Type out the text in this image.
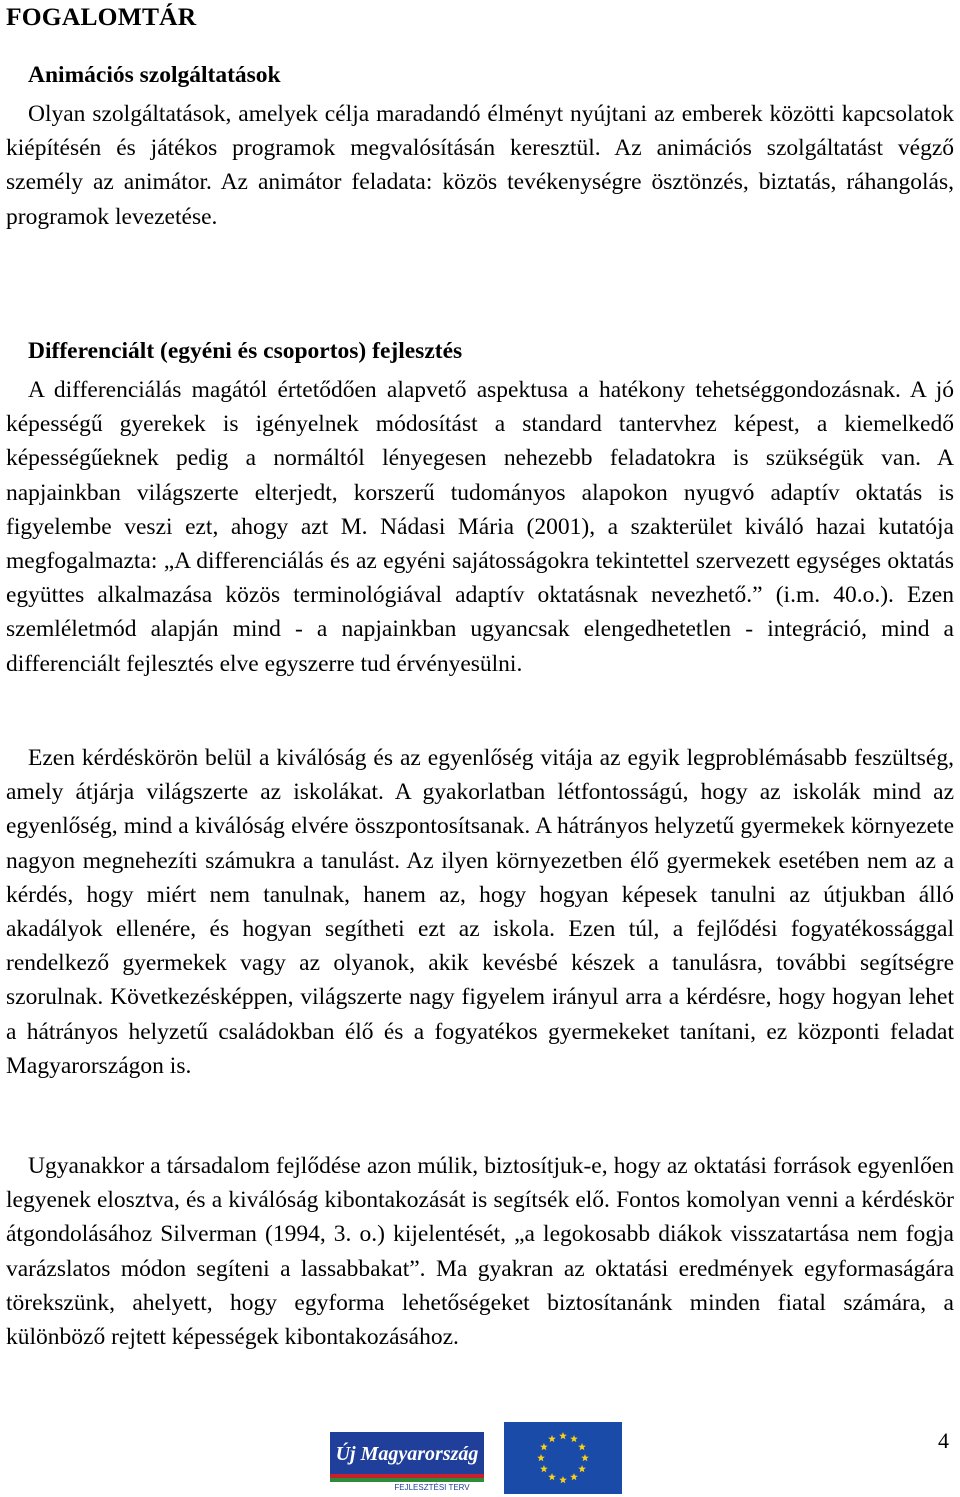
FOGALOMTÁR
Animációs szolgáltatások

Olyan szolgáltatások, amelyek célja maradandó élményt nyújtani az emberek közötti kapcsolatok kiépítésén és játékos programok megvalósításán keresztül. Az animációs szolgáltatást végző személy az animátor. Az animátor feladata: közös tevékenységre ösztönzés, biztatás, ráhangolás, programok levezetése.

Differenciált (egyéni és csoportos) fejlesztés

A differenciálás magától értetődően alapvető aspektusa a hatékony tehetséggondozásnak. A jó képességű gyerekek is igényelnek módosítást a standard tantervhez képest, a kiemelkedő képességűeknek pedig a normáltól lényegesen nehezebb feladatokra is szükségük van. A napjainkban világszerte elterjedt, korszerű tudományos alapokon nyugvó adaptív oktatás is figyelembe veszi ezt, ahogy azt M. Nádasi Mária (2001), a szakterület kiváló hazai kutatója megfogalmazta: „A differenciálás és az egyéni sajátosságokra tekintettel szervezett egységes oktatás együttes alkalmazása közös terminológiával adaptív oktatásnak nevezhető.” (i.m. 40.o.). Ezen szemléletmód alapján mind - a napjainkban ugyancsak elengedhetetlen - integráció, mind a differenciált fejlesztés elve egyszerre tud érvényesülni.

Ezen kérdéskörön belül a kiválóság és az egyenlőség vitája az egyik legproblémásabb feszültség, amely átjárja világszerte az iskolákat. A gyakorlatban létfontosságú, hogy az iskolák mind az egyenlőség, mind a kiválóság elvére összpontosítsanak. A hátrányos helyzetű gyermekek környezete nagyon megnehezíti számukra a tanulást. Az ilyen környezetben élő gyermekek esetében nem az a kérdés, hogy miért nem tanulnak, hanem az, hogy hogyan képesek tanulni az útjukban álló akadályok ellenére, és hogyan segítheti ezt az iskola. Ezen túl, a fejlődési fogyatékossággal rendelkező gyermekek vagy az olyanok, akik kevésbé készek a tanulásra, további segítségre szorulnak. Következésképpen, világszerte nagy figyelem irányul arra a kérdésre, hogy hogyan lehet a hátrányos helyzetű családokban élő és a fogyatékos gyermekeket tanítani, ez központi feladat Magyarországon is.

Ugyanakkor a társadalom fejlődése azon múlik, biztosítjuk-e, hogy az oktatási források egyenlően legyenek elosztva, és a kiválóság kibontakozását is segítsék elő. Fontos komolyan venni a kérdéskör átgondolásához Silverman (1994, 3. o.) kijelentését, „a legokosabb diákok visszatartása nem fogja varázslatos módon segíteni a lassabbakat”. Ma gyakran az oktatási eredmények egyformaságára törekszünk, ahelyett, hogy egyforma lehetőségeket biztosítanánk minden fiatal számára, a különböző rejtett képességek kibontakozásához.

Új Magyarország
FEJLESZTÉSI TERV
4
